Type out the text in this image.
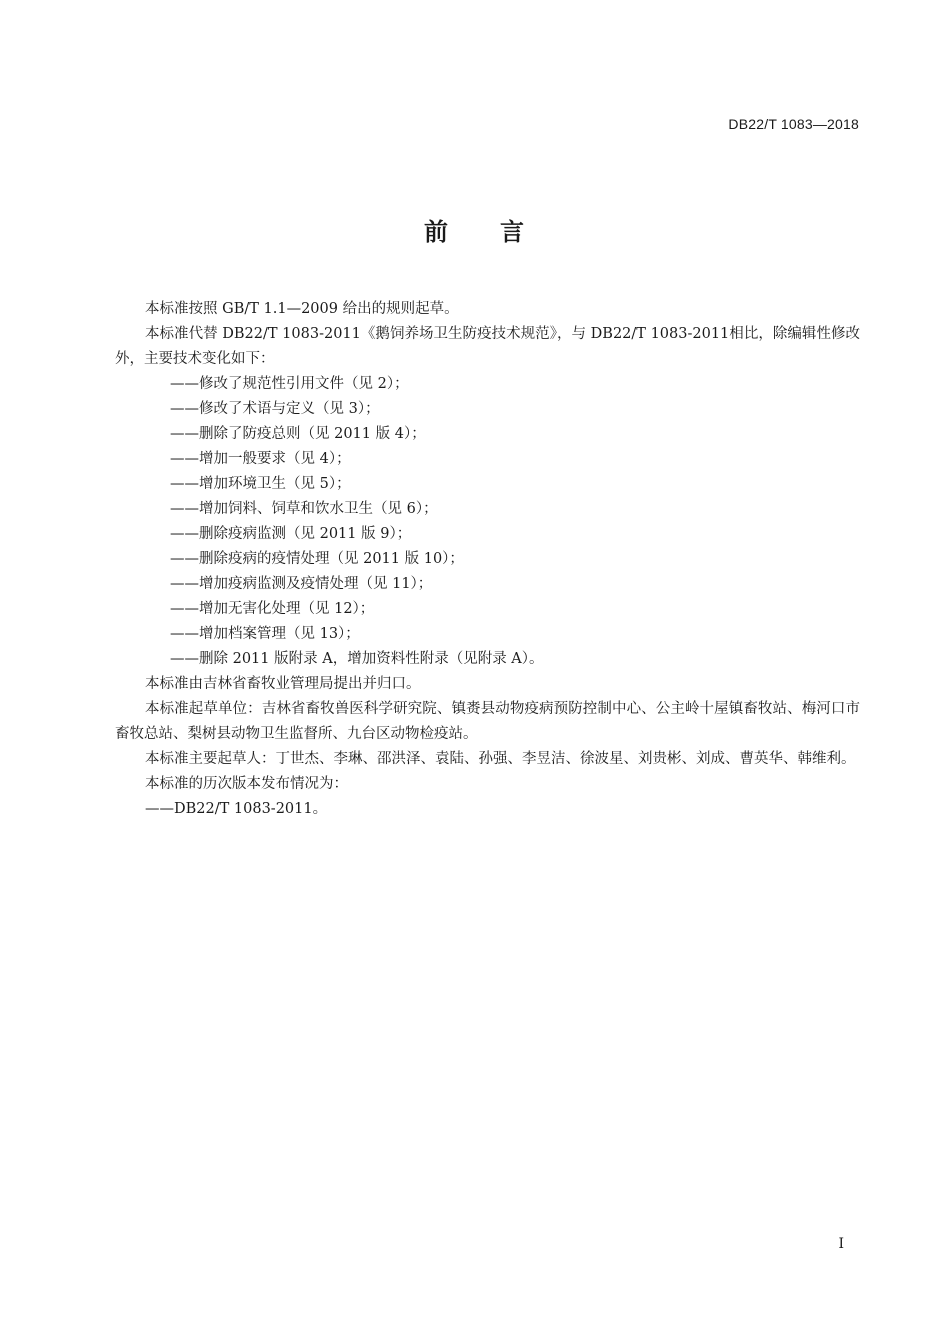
DB22/T 1083—2018
前 言

本标准按照 GB/T 1.1—2009 给出的规则起草。

本标准代替 DB22/T 1083-2011《鹅饲养场卫生防疫技术规范》，与 DB22/T 1083-2011相比，除编辑性修改外，主要技术变化如下：

——修改了规范性引用文件（见 2）；

——修改了术语与定义（见 3）；

——删除了防疫总则（见 2011 版 4）；

——增加一般要求（见 4）；

——增加环境卫生（见 5）；

——增加饲料、饲草和饮水卫生（见 6）；

——删除疫病监测（见 2011 版 9）；

——删除疫病的疫情处理（见 2011 版 10）；

——增加疫病监测及疫情处理（见 11）；

——增加无害化处理（见 12）；

——增加档案管理（见 13）；

——删除 2011 版附录 A，增加资料性附录（见附录 A）。

本标准由吉林省畜牧业管理局提出并归口。

本标准起草单位：吉林省畜牧兽医科学研究院、镇赉县动物疫病预防控制中心、公主岭十屋镇畜牧站、梅河口市畜牧总站、梨树县动物卫生监督所、九台区动物检疫站。

本标准主要起草人：丁世杰、李琳、邵洪泽、袁陆、孙强、李昱洁、徐波星、刘贵彬、刘成、曹英华、韩维利。

本标准的历次版本发布情况为：

——DB22/T 1083-2011。

I
